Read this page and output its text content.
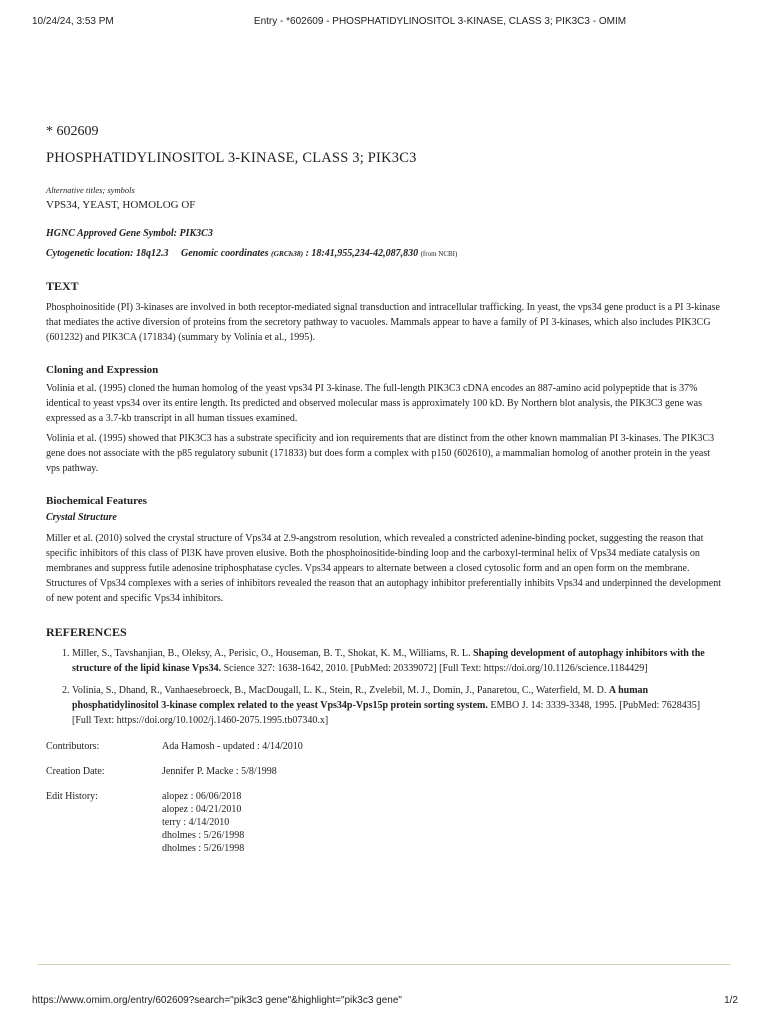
10/24/24, 3:53 PM	Entry - *602609 - PHOSPHATIDYLINOSITOL 3-KINASE, CLASS 3; PIK3C3 - OMIM
* 602609
PHOSPHATIDYLINOSITOL 3-KINASE, CLASS 3; PIK3C3
Alternative titles; symbols
VPS34, YEAST, HOMOLOG OF
HGNC Approved Gene Symbol: PIK3C3
Cytogenetic location: 18q12.3 Genomic coordinates (GRCh38) : 18:41,955,234-42,087,830 (from NCBI)
TEXT

Phosphoinositide (PI) 3-kinases are involved in both receptor-mediated signal transduction and intracellular trafficking. In yeast, the vps34 gene product is a PI 3-kinase that mediates the active diversion of proteins from the secretory pathway to vacuoles. Mammals appear to have a family of PI 3-kinases, which also includes PIK3CG (601232) and PIK3CA (171834) (summary by Volinia et al., 1995).

Cloning and Expression

Volinia et al. (1995) cloned the human homolog of the yeast vps34 PI 3-kinase. The full-length PIK3C3 cDNA encodes an 887-amino acid polypeptide that is 37% identical to yeast vps34 over its entire length. Its predicted and observed molecular mass is approximately 100 kD. By Northern blot analysis, the PIK3C3 gene was expressed as a 3.7-kb transcript in all human tissues examined.

Volinia et al. (1995) showed that PIK3C3 has a substrate specificity and ion requirements that are distinct from the other known mammalian PI 3-kinases. The PIK3C3 gene does not associate with the p85 regulatory subunit (171833) but does form a complex with p150 (602610), a mammalian homolog of another protein in the yeast vps pathway.

Biochemical Features
Crystal Structure

Miller et al. (2010) solved the crystal structure of Vps34 at 2.9-angstrom resolution, which revealed a constricted adenine-binding pocket, suggesting the reason that specific inhibitors of this class of PI3K have proven elusive. Both the phosphoinositide-binding loop and the carboxyl-terminal helix of Vps34 mediate catalysis on membranes and suppress futile adenosine triphosphatase cycles. Vps34 appears to alternate between a closed cytosolic form and an open form on the membrane. Structures of Vps34 complexes with a series of inhibitors revealed the reason that an autophagy inhibitor preferentially inhibits Vps34 and underpinned the development of new potent and specific Vps34 inhibitors.

REFERENCES
1. Miller, S., Tavshanjian, B., Oleksy, A., Perisic, O., Houseman, B. T., Shokat, K. M., Williams, R. L. Shaping development of autophagy inhibitors with the structure of the lipid kinase Vps34. Science 327: 1638-1642, 2010. [PubMed: 20339072] [Full Text: https://doi.org/10.1126/science.1184429]
2. Volinia, S., Dhand, R., Vanhaesebroeck, B., MacDougall, L. K., Stein, R., Zvelebil, M. J., Domin, J., Panaretou, C., Waterfield, M. D. A human phosphatidylinositol 3-kinase complex related to the yeast Vps34p-Vps15p protein sorting system. EMBO J. 14: 3339-3348, 1995. [PubMed: 7628435] [Full Text: https://doi.org/10.1002/j.1460-2075.1995.tb07340.x]
Contributors:	Ada Hamosh - updated : 4/14/2010
Creation Date:	Jennifer P. Macke : 5/8/1998
Edit History:	alopez : 06/06/2018
alopez : 04/21/2010
terry : 4/14/2010
dholmes : 5/26/1998
dholmes : 5/26/1998
https://www.omim.org/entry/602609?search="pik3c3 gene"&highlight="pik3c3 gene"	1/2
